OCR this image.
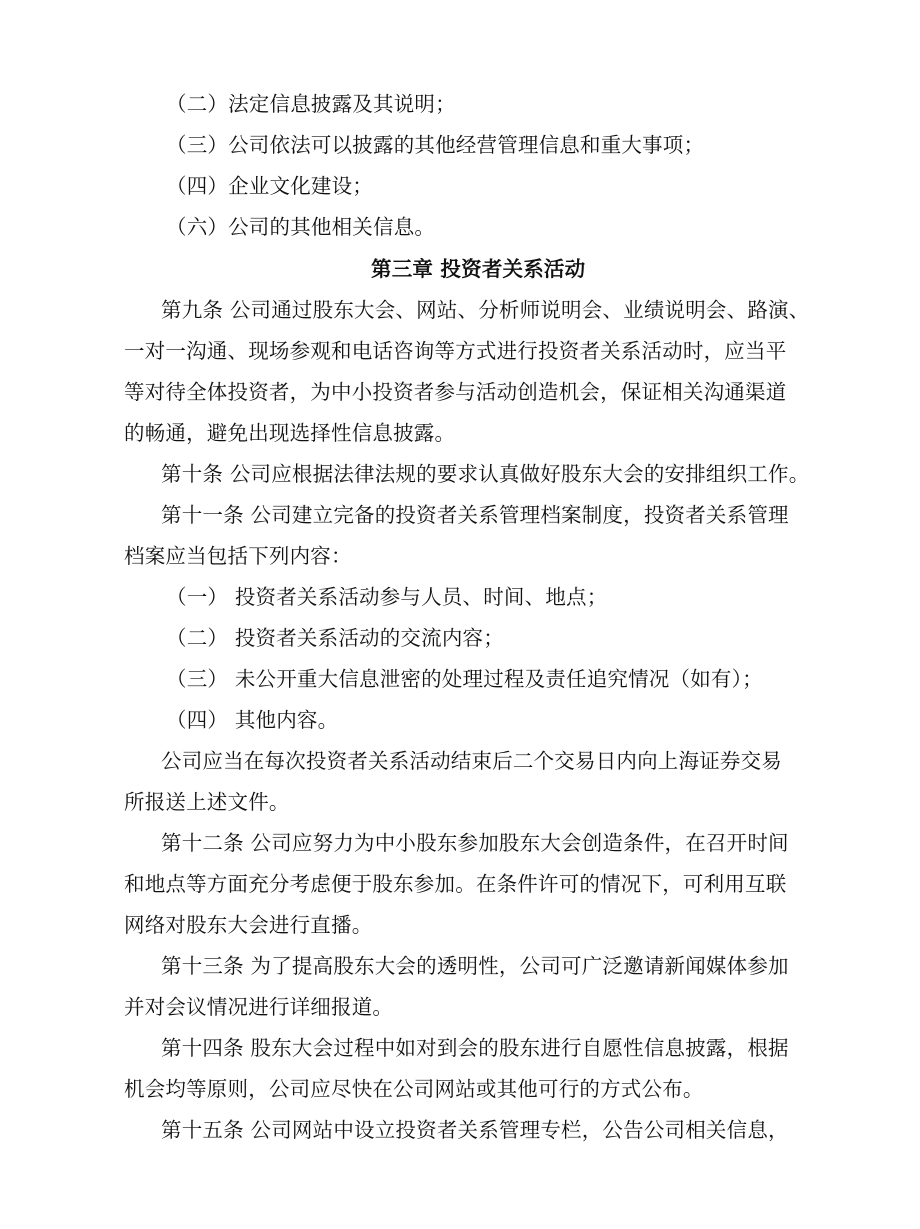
（二）法定信息披露及其说明；
（三）公司依法可以披露的其他经营管理信息和重大事项；
（四）企业文化建设；
（六）公司的其他相关信息。
第三章 投资者关系活动
第九条 公司通过股东大会、网站、分析师说明会、业绩说明会、路演、
一对一沟通、现场参观和电话咨询等方式进行投资者关系活动时，应当平
等对待全体投资者，为中小投资者参与活动创造机会，保证相关沟通渠道
的畅通，避免出现选择性信息披露。
第十条 公司应根据法律法规的要求认真做好股东大会的安排组织工作。
第十一条 公司建立完备的投资者关系管理档案制度，投资者关系管理
档案应当包括下列内容：
（一） 投资者关系活动参与人员、时间、地点；
（二） 投资者关系活动的交流内容；
（三） 未公开重大信息泄密的处理过程及责任追究情况（如有）；
（四） 其他内容。
公司应当在每次投资者关系活动结束后二个交易日内向上海证券交易
所报送上述文件。
第十二条 公司应努力为中小股东参加股东大会创造条件，在召开时间
和地点等方面充分考虑便于股东参加。在条件许可的情况下，可利用互联
网络对股东大会进行直播。
第十三条 为了提高股东大会的透明性，公司可广泛邀请新闻媒体参加
并对会议情况进行详细报道。
第十四条 股东大会过程中如对到会的股东进行自愿性信息披露，根据
机会均等原则，公司应尽快在公司网站或其他可行的方式公布。
第十五条 公司网站中设立投资者关系管理专栏，公告公司相关信息，
